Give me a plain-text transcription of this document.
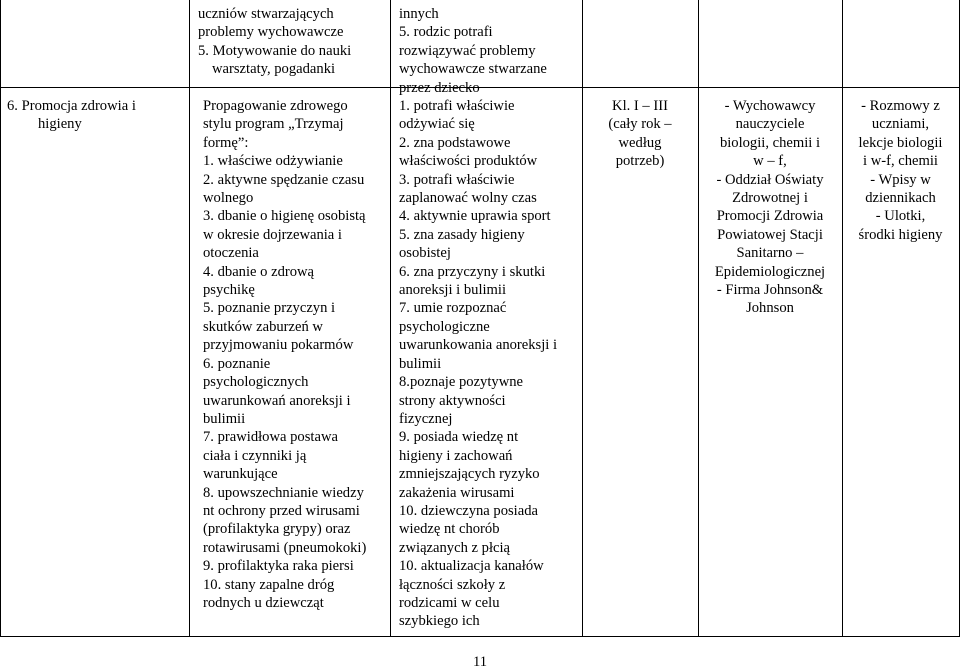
uczniów stwarzających
problemy wychowawcze
5. Motywowanie do nauki
warsztaty, pogadanki
innych
5. rodzic potrafi
rozwiązywać problemy
wychowawcze stwarzane
przez dziecko
6. Promocja zdrowia i
higieny
Propagowanie zdrowego
stylu program „Trzymaj
formę”:
1. właściwe odżywianie
2. aktywne spędzanie czasu
wolnego
3. dbanie o higienę osobistą
w okresie dojrzewania i
otoczenia
4. dbanie o zdrową
psychikę
5. poznanie przyczyn i
skutków zaburzeń w
przyjmowaniu pokarmów
6. poznanie
psychologicznych
uwarunkowań anoreksji i
bulimii
7. prawidłowa postawa
ciała i czynniki ją
warunkujące
8. upowszechnianie wiedzy
nt ochrony przed wirusami
(profilaktyka grypy) oraz
rotawirusami (pneumokoki)
9. profilaktyka raka piersi
10. stany zapalne dróg
rodnych u dziewcząt
1. potrafi właściwie
odżywiać się
2. zna podstawowe
właściwości produktów
3. potrafi właściwie
zaplanować wolny czas
4. aktywnie uprawia sport
5. zna zasady higieny
osobistej
6. zna przyczyny i skutki
anoreksji i bulimii
7. umie rozpoznać
psychologiczne
uwarunkowania anoreksji i
bulimii
8.poznaje pozytywne
strony aktywności
fizycznej
9. posiada wiedzę nt
higieny i zachowań
zmniejszających ryzyko
zakażenia wirusami
10. dziewczyna posiada
wiedzę nt chorób
związanych z płcią
10. aktualizacja kanałów
łączności szkoły z
rodzicami w celu
szybkiego ich
Kl. I – III
(cały rok –
według
potrzeb)
- Wychowawcy
nauczyciele
biologii, chemii i
w – f,
- Oddział Oświaty
Zdrowotnej i
Promocji Zdrowia
Powiatowej Stacji
Sanitarno –
Epidemiologicznej
- Firma Johnson&
Johnson
- Rozmowy z
uczniami,
lekcje biologii
i w-f, chemii
- Wpisy w
dziennikach
- Ulotki,
środki higieny
11
